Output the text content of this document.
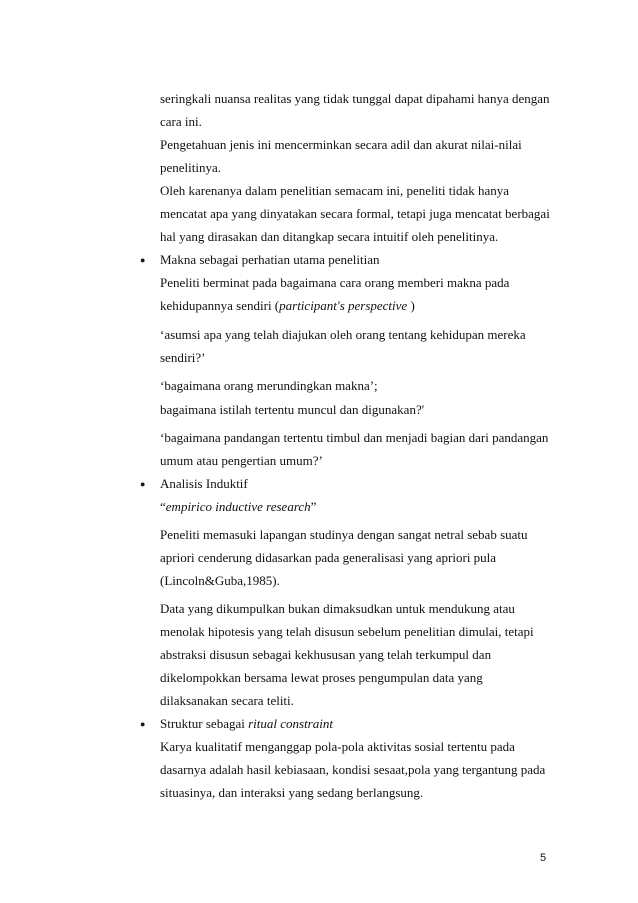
seringkali nuansa realitas yang tidak tunggal dapat dipahami hanya dengan
cara ini.
Pengetahuan jenis ini mencerminkan secara adil dan akurat nilai-nilai
penelitinya.
Oleh karenanya dalam penelitian semacam ini, peneliti tidak hanya
mencatat apa yang dinyatakan secara formal, tetapi juga mencatat berbagai
hal yang dirasakan dan ditangkap secara intuitif oleh penelitinya.
● Makna sebagai perhatian utama penelitian
Peneliti berminat pada bagaimana cara orang memberi makna pada
kehidupannya sendiri (participant's perspective )
‘asumsi apa yang telah diajukan oleh orang tentang kehidupan mereka
sendiri?’
‘bagaimana orang merundingkan makna’;
bagaimana istilah tertentu muncul dan digunakan?'
‘bagaimana pandangan tertentu timbul dan menjadi bagian dari pandangan
umum atau pengertian umum?’
● Analisis Induktif
“empirico inductive research”
Peneliti memasuki lapangan studinya dengan sangat netral sebab suatu
apriori cenderung didasarkan pada generalisasi yang apriori pula
(Lincoln&Guba,1985).
Data yang dikumpulkan bukan dimaksudkan untuk mendukung atau
menolak hipotesis yang telah disusun sebelum penelitian dimulai, tetapi
abstraksi disusun sebagai kekhususan yang telah terkumpul dan
dikelompokkan bersama lewat proses pengumpulan data yang
dilaksanakan secara teliti.
● Struktur sebagai ritual constraint
Karya kualitatif menganggap pola-pola aktivitas sosial tertentu pada
dasarnya adalah hasil kebiasaan, kondisi sesaat,pola yang tergantung pada
situasinya, dan interaksi yang sedang berlangsung.
5
